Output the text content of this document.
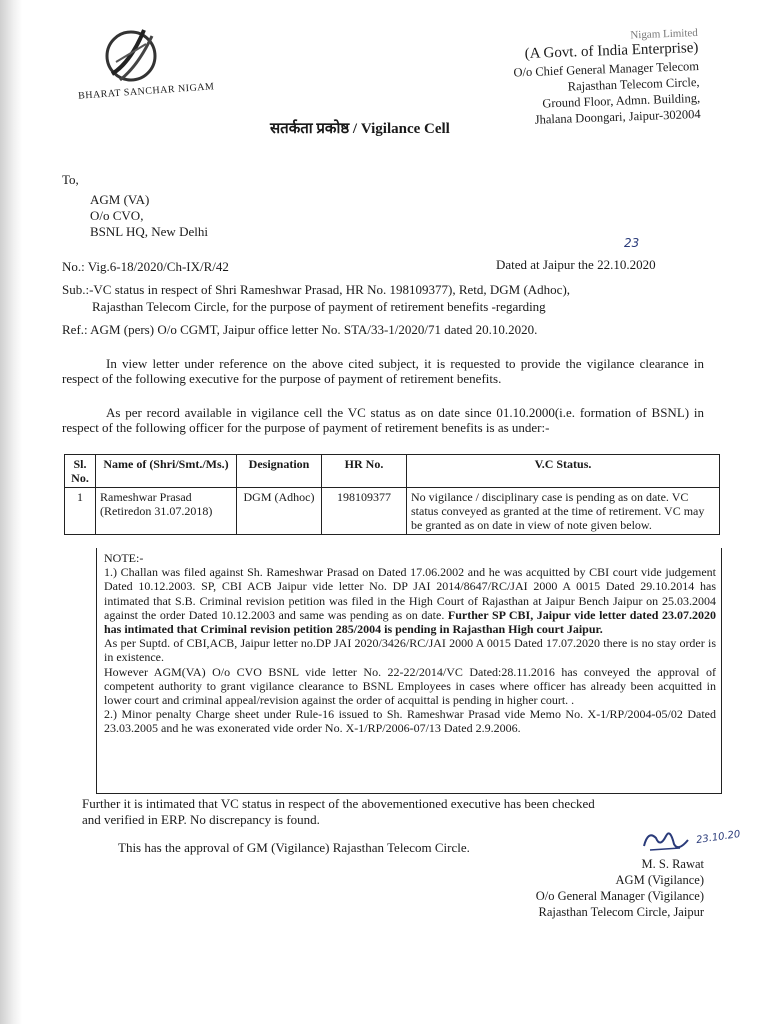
BHARAT SANCHAR NIGAM
Nigam Limited
(A Govt. of India Enterprise)
O/o Chief General Manager Telecom
Rajasthan Telecom Circle,
Ground Floor, Admn. Building,
Jhalana Doongari, Jaipur-302004
सतर्कता प्रकोष्ठ / Vigilance Cell
To,
AGM (VA)
O/o CVO,
BSNL HQ, New Delhi
No.: Vig.6-18/2020/Ch-IX/R/42
23
Dated at Jaipur the 22.10.2020
Sub.:-VC status in respect of Shri Rameshwar Prasad, HR No. 198109377), Retd, DGM (Adhoc),
Rajasthan Telecom Circle, for the purpose of payment of retirement benefits -regarding
Ref.: AGM (pers) O/o CGMT, Jaipur office letter No. STA/33-1/2020/71 dated 20.10.2020.
In view letter under reference on the above cited subject, it is requested to provide the vigilance clearance in respect of the following executive for the purpose of payment of retirement benefits.
As per record available in vigilance cell the VC status as on date since 01.10.2000(i.e. formation of BSNL) in respect of the following officer for the purpose of payment of retirement benefits is as under:-
Sl. No.	Name of (Shri/Smt./Ms.)	Designation	HR No.	V.C Status.
1	Rameshwar Prasad (Retiredon 31.07.2018)	DGM (Adhoc)	198109377	No vigilance / disciplinary case is pending as on date. VC status conveyed as granted at the time of retirement. VC may be granted as on date in view of note given below.

NOTE:-

1.) Challan was filed against Sh. Rameshwar Prasad on Dated 17.06.2002 and he was acquitted by CBI court vide judgement Dated 10.12.2003. SP, CBI ACB Jaipur vide letter No. DP JAI 2014/8647/RC/JAI 2000 A 0015 Dated 29.10.2014 has intimated that S.B. Criminal revision petition was filed in the High Court of Rajasthan at Jaipur Bench Jaipur on 25.03.2004 against the order Dated 10.12.2003 and same was pending as on date. Further SP CBI, Jaipur vide letter dated 23.07.2020 has intimated that Criminal revision petition 285/2004 is pending in Rajasthan High court Jaipur.

As per Suptd. of CBI,ACB, Jaipur letter no.DP JAI 2020/3426/RC/JAI 2000 A 0015 Dated 17.07.2020 there is no stay order is in existence.

However AGM(VA) O/o CVO BSNL vide letter No. 22-22/2014/VC Dated:28.11.2016 has conveyed the approval of competent authority to grant vigilance clearance to BSNL Employees in cases where officer has already been acquitted in lower court and criminal appeal/revision against the order of acquittal is pending in higher court. .

2.) Minor penalty Charge sheet under Rule-16 issued to Sh. Rameshwar Prasad vide Memo No. X-1/RP/2004-05/02 Dated 23.03.2005 and he was exonerated vide order No. X-1/RP/2006-07/13 Dated 2.9.2006.

Further it is intimated that VC status in respect of the abovementioned executive has been checked
and verified in ERP. No discrepancy is found.
This has the approval of GM (Vigilance) Rajasthan Telecom Circle.
23.10.20
M. S. Rawat
AGM (Vigilance)
O/o General Manager (Vigilance)
Rajasthan Telecom Circle, Jaipur
